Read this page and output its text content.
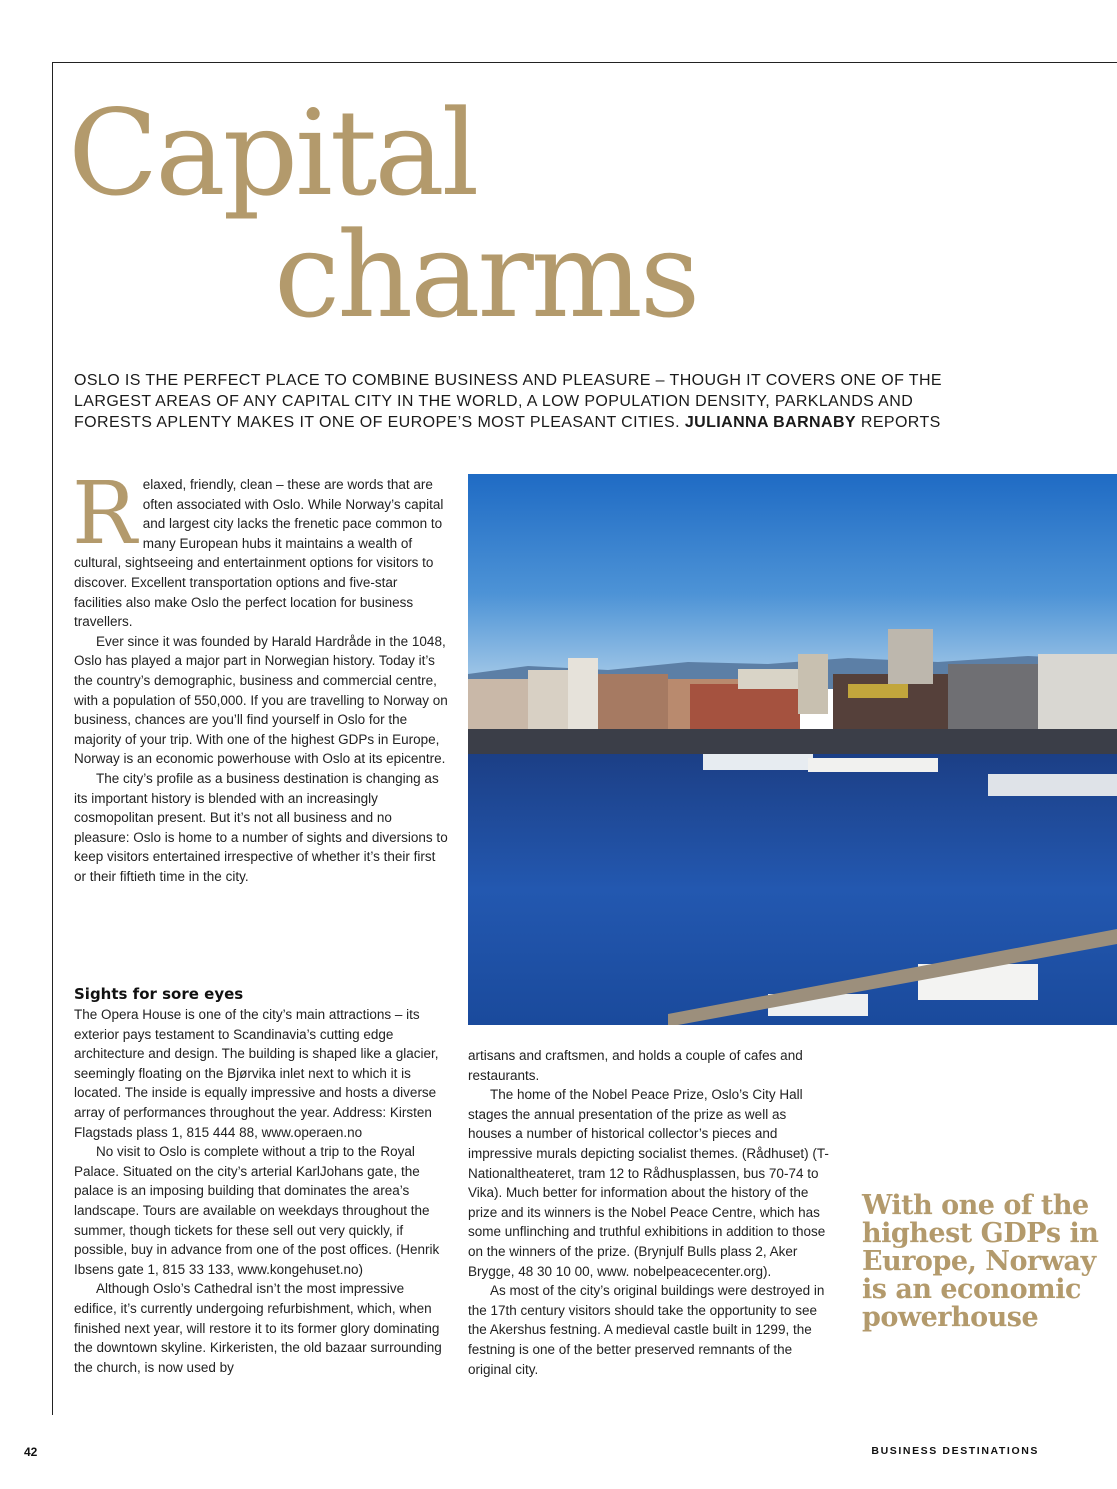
Capital
charms

OSLO IS THE PERFECT PLACE TO COMBINE BUSINESS AND PLEASURE – THOUGH IT COVERS ONE OF THE LARGEST AREAS OF ANY CAPITAL CITY IN THE WORLD, A LOW POPULATION DENSITY, PARKLANDS AND FORESTS APLENTY MAKES IT ONE OF EUROPE’S MOST PLEASANT CITIES. JULIANNA BARNABY REPORTS

Relaxed, friendly, clean – these are words that are often associated with Oslo. While Norway’s capital and largest city lacks the frenetic pace common to many European hubs it maintains a wealth of cultural, sightseeing and entertainment options for visitors to discover. Excellent transportation options and five-star facilities also make Oslo the perfect location for business travellers.

Ever since it was founded by Harald Hardråde in the 1048, Oslo has played a major part in Norwegian history. Today it’s the country’s demographic, business and commercial centre, with a population of 550,000. If you are travelling to Norway on business, chances are you’ll find yourself in Oslo for the majority of your trip. With one of the highest GDPs in Europe, Norway is an economic powerhouse with Oslo at its epicentre.

The city’s profile as a business destination is changing as its important history is blended with an increasingly cosmopolitan present. But it’s not all business and no pleasure: Oslo is home to a number of sights and diversions to keep visitors entertained irrespective of whether it’s their first or their fiftieth time in the city.

Sights for sore eyes

The Opera House is one of the city’s main attractions – its exterior pays testament to Scandinavia’s cutting edge architecture and design. The building is shaped like a glacier, seemingly floating on the Bjørvika inlet next to which it is located. The inside is equally impressive and hosts a diverse array of performances throughout the year. Address: Kirsten Flagstads plass 1, 815 444 88, www.operaen.no

No visit to Oslo is complete without a trip to the Royal Palace. Situated on the city’s arterial KarlJohans gate, the palace is an imposing building that dominates the area’s landscape. Tours are available on weekdays throughout the summer, though tickets for these sell out very quickly, if possible, buy in advance from one of the post offices. (Henrik Ibsens gate 1, 815 33 133, www.kongehuset.no)

Although Oslo’s Cathedral isn’t the most impressive edifice, it’s currently undergoing refurbishment, which, when finished next year, will restore it to its former glory dominating the downtown skyline. Kirkeristen, the old bazaar surrounding the church, is now used by

artisans and craftsmen, and holds a couple of cafes and restaurants.

The home of the Nobel Peace Prize, Oslo’s City Hall stages the annual presentation of the prize as well as houses a number of historical collector’s pieces and impressive murals depicting socialist themes. (Rådhuset) (T-Nationaltheateret, tram 12 to Rådhusplassen, bus 70-74 to Vika). Much better for information about the history of the prize and its winners is the Nobel Peace Centre, which has some unflinching and truthful exhibitions in addition to those on the winners of the prize. (Brynjulf Bulls plass 2, Aker Brygge, 48 30 10 00, www. nobelpeacecenter.org).

As most of the city’s original buildings were destroyed in the 17th century visitors should take the opportunity to see the Akershus festning. A medieval castle built in 1299, the festning is one of the better preserved remnants of the original city.

With one of the highest GDPs in Europe, Norway is an economic powerhouse

42	BUSINESS DESTINATIONS
